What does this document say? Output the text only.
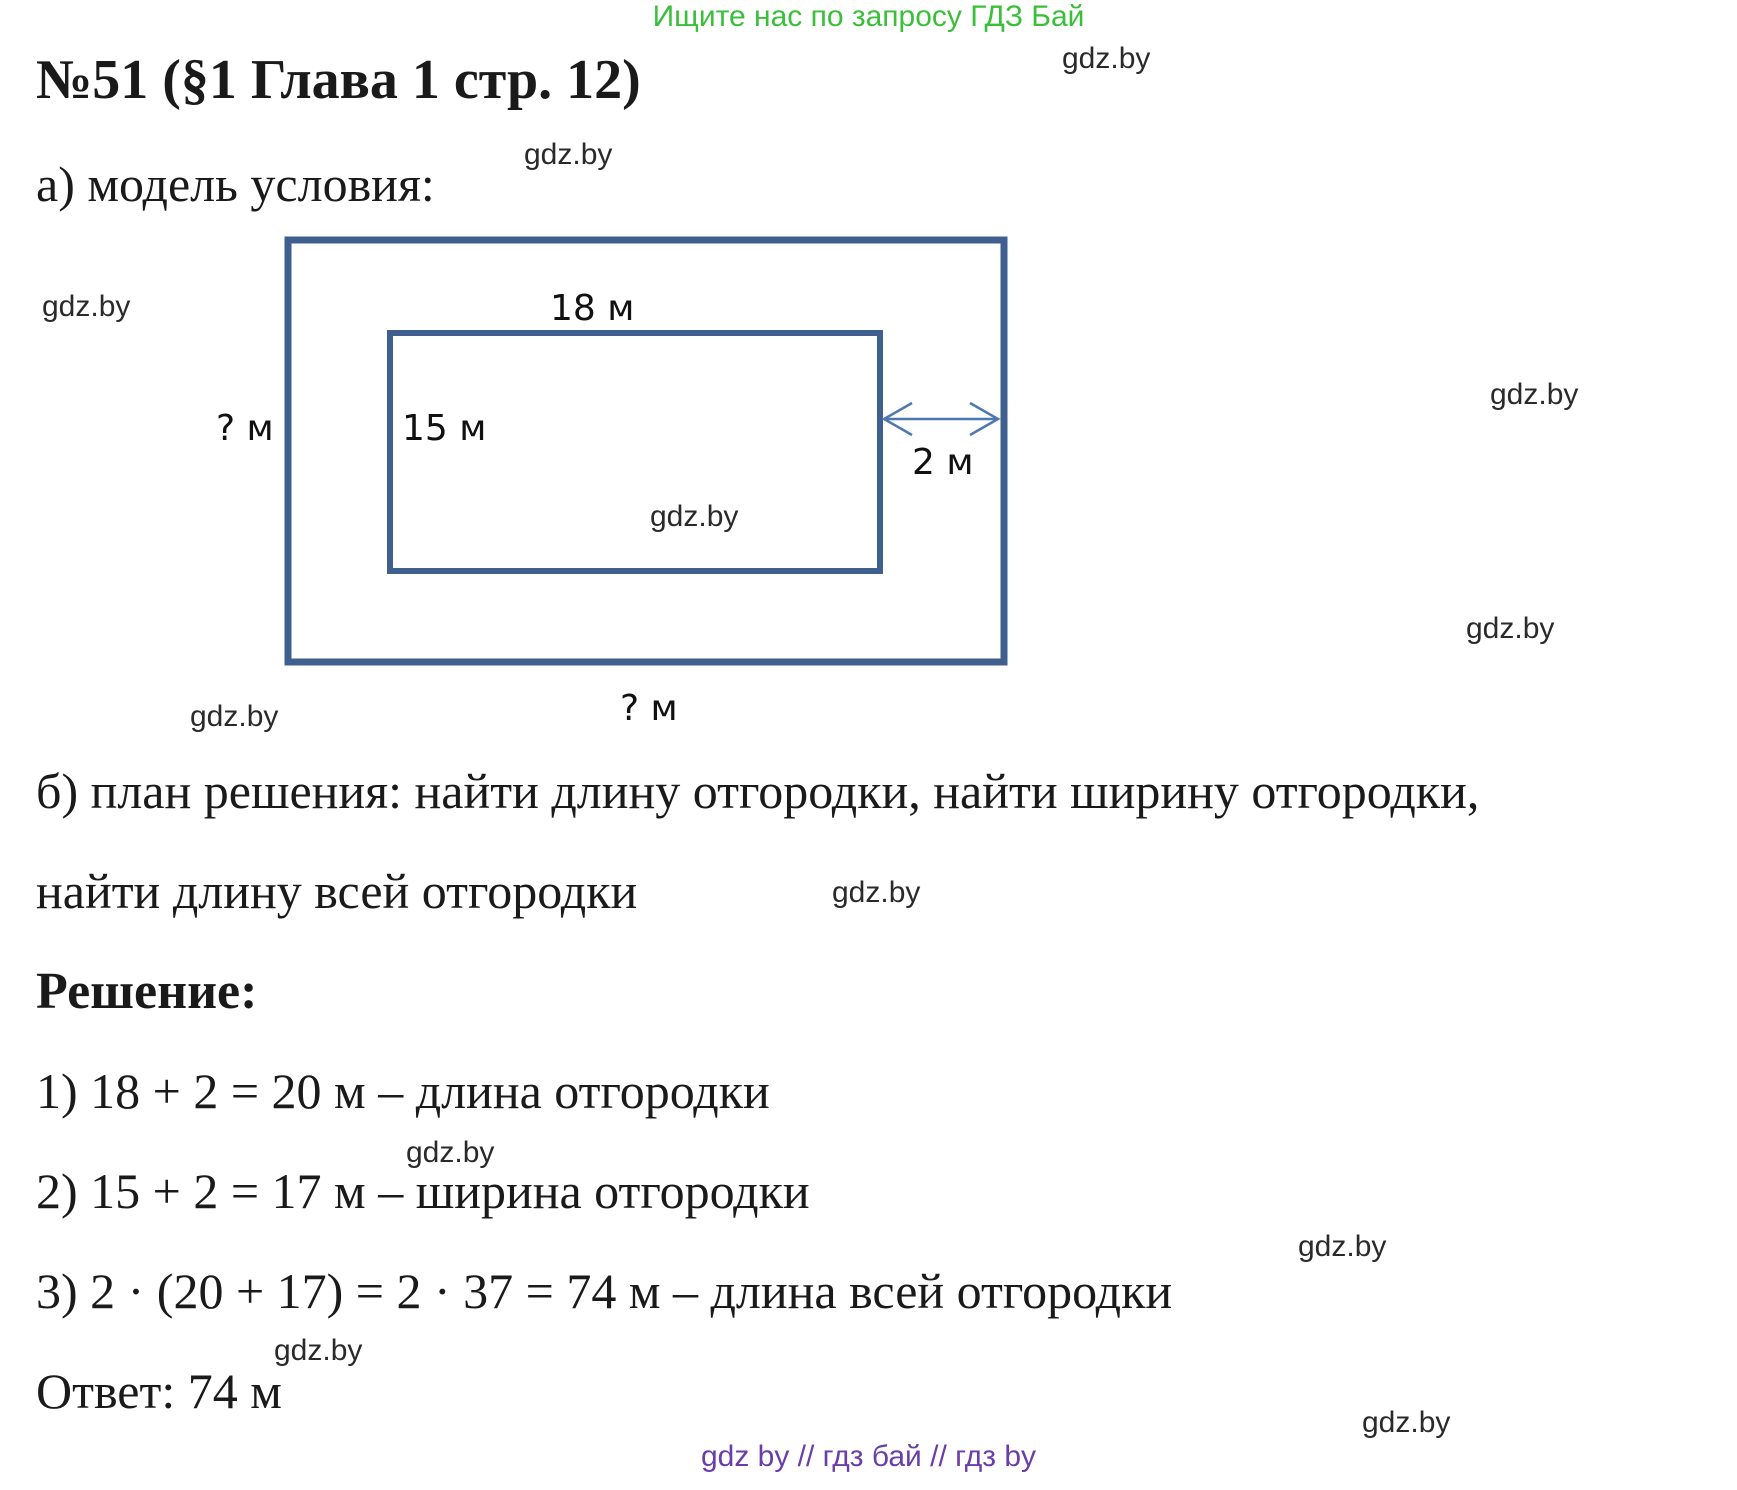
Ищите нас по запросу ГДЗ Бай
№51 (§1 Глава 1 стр. 12)
а) модель условия:
18 м
15 м
2 м
? м
? м
б) план решения: найти длину отгородки, найти ширину отгородки,
найти длину всей отгородки
Решение:
1) 18 + 2 = 20 м – длина отгородки
2) 15 + 2 = 17 м – ширина отгородки
3) 2 · (20 + 17) = 2 · 37 = 74 м – длина всей отгородки
Ответ: 74 м
gdz.by
gdz.by
gdz.by
gdz.by
gdz.by
gdz.by
gdz.by
gdz.by
gdz.by
gdz.by
gdz.by
gdz.by
gdz by // гдз бай // гдз by
